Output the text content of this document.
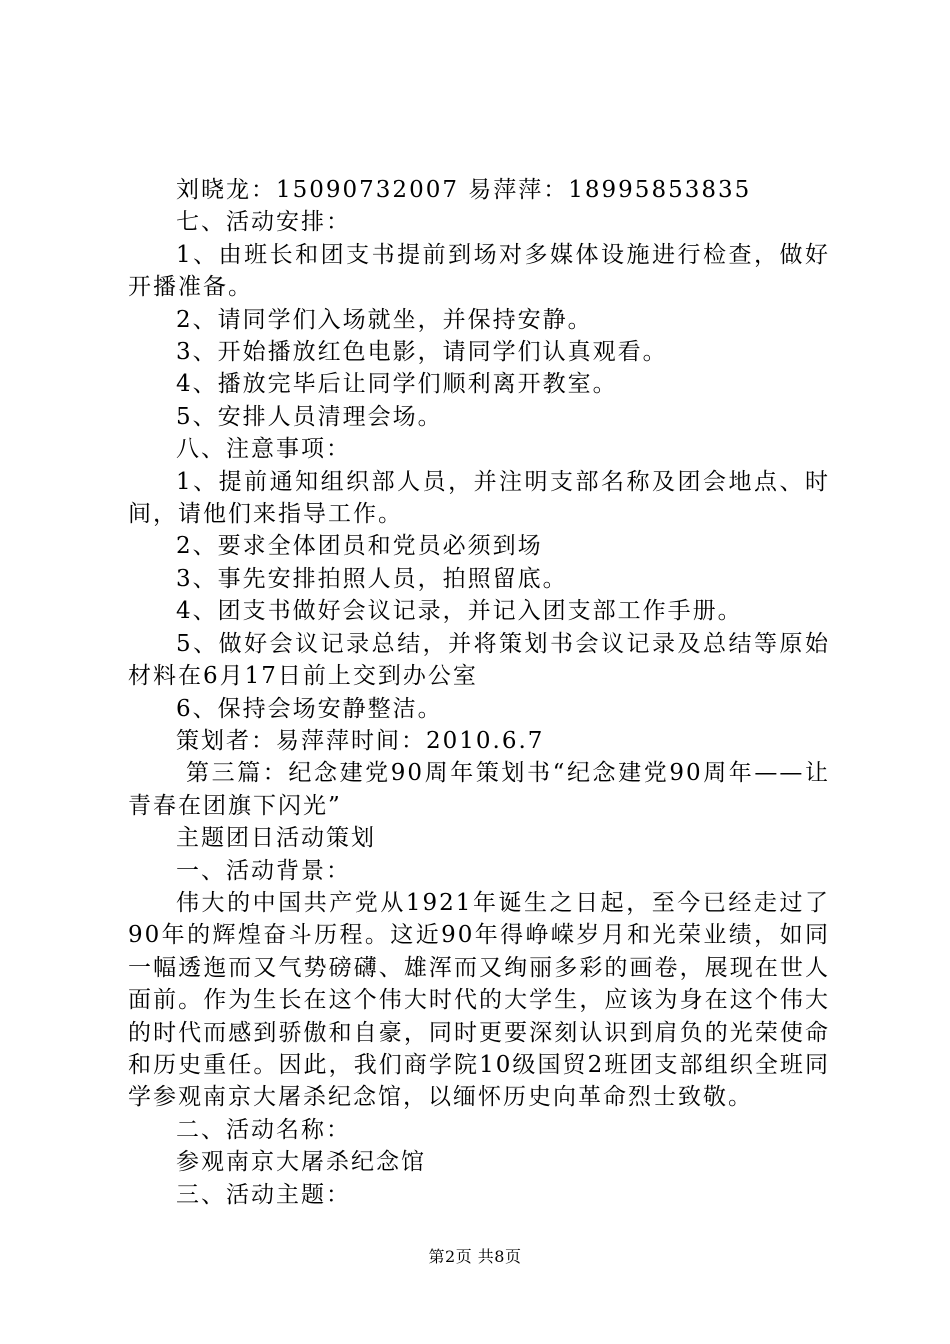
刘晓龙：15090732007 易萍萍：18995853835

七、活动安排：

1、由班长和团支书提前到场对多媒体设施进行检查，做好开播准备。

2、请同学们入场就坐，并保持安静。

3、开始播放红色电影，请同学们认真观看。

4、播放完毕后让同学们顺利离开教室。

5、安排人员清理会场。

八、注意事项：

1、提前通知组织部人员，并注明支部名称及团会地点、时间，请他们来指导工作。

2、要求全体团员和党员必须到场

3、事先安排拍照人员，拍照留底。

4、团支书做好会议记录，并记入团支部工作手册。

5、做好会议记录总结，并将策划书会议记录及总结等原始材料在6月17日前上交到办公室

6、保持会场安静整洁。

策划者：易萍萍时间：2010.6.7

第三篇：纪念建党90周年策划书“纪念建党90周年——让青春在团旗下闪光”

主题团日活动策划

一、活动背景：

伟大的中国共产党从1921年诞生之日起，至今已经走过了90年的辉煌奋斗历程。这近90年得峥嵘岁月和光荣业绩，如同一幅透迤而又气势磅礴、雄浑而又绚丽多彩的画卷，展现在世人面前。作为生长在这个伟大时代的大学生，应该为身在这个伟大的时代而感到骄傲和自豪，同时更要深刻认识到肩负的光荣使命和历史重任。因此，我们商学院10级国贸2班团支部组织全班同学参观南京大屠杀纪念馆，以缅怀历史向革命烈士致敬。

二、活动名称：

参观南京大屠杀纪念馆

三、活动主题：

第2页 共8页
